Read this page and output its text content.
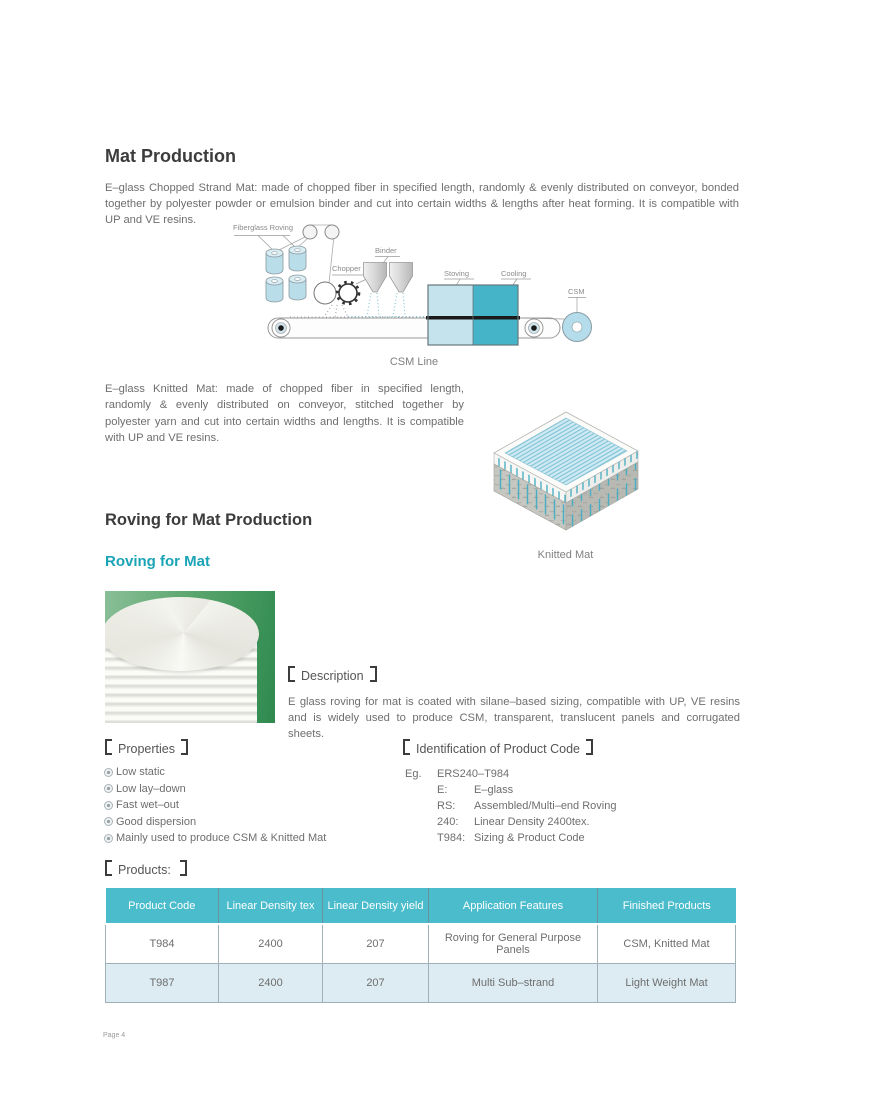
Mat Production

E–glass Chopped Strand Mat: made of chopped fiber in specified length, randomly & evenly distributed on conveyor, bonded together by polyester powder or emulsion binder and cut into certain widths & lengths after heat forming. It is compatible with UP and VE resins.

Fiberglass Roving
Binder
Chopper
Stoving	Cooling
CSM
CSM Line

E–glass Knitted Mat: made of chopped fiber in specified length, randomly & evenly distributed on conveyor, stitched together by polyester yarn and cut into certain widths and lengths. It is compatible with UP and VE resins.

Knitted Mat
Roving for Mat Production
Roving for Mat
Description

E glass roving for mat is coated with silane–based sizing, compatible with UP, VE resins and is widely used to produce CSM, transparent, translucent panels and corrugated sheets.

Properties
Low static
Low lay–down
Fast wet–out
Good dispersion
Mainly used to produce CSM & Knitted Mat
Identification of Product Code
Eg. ERS240–T984
E: E–glass
RS: Assembled/Multi–end Roving
240: Linear Density 2400tex.
T984: Sizing & Product Code
Products:
Product Code	Linear Density tex	Linear Density yield	Application Features	Finished Products
T984	2400	207	Roving for General Purpose Panels	CSM, Knitted Mat
T987	2400	207	Multi Sub–strand	Light Weight Mat
Page 4
